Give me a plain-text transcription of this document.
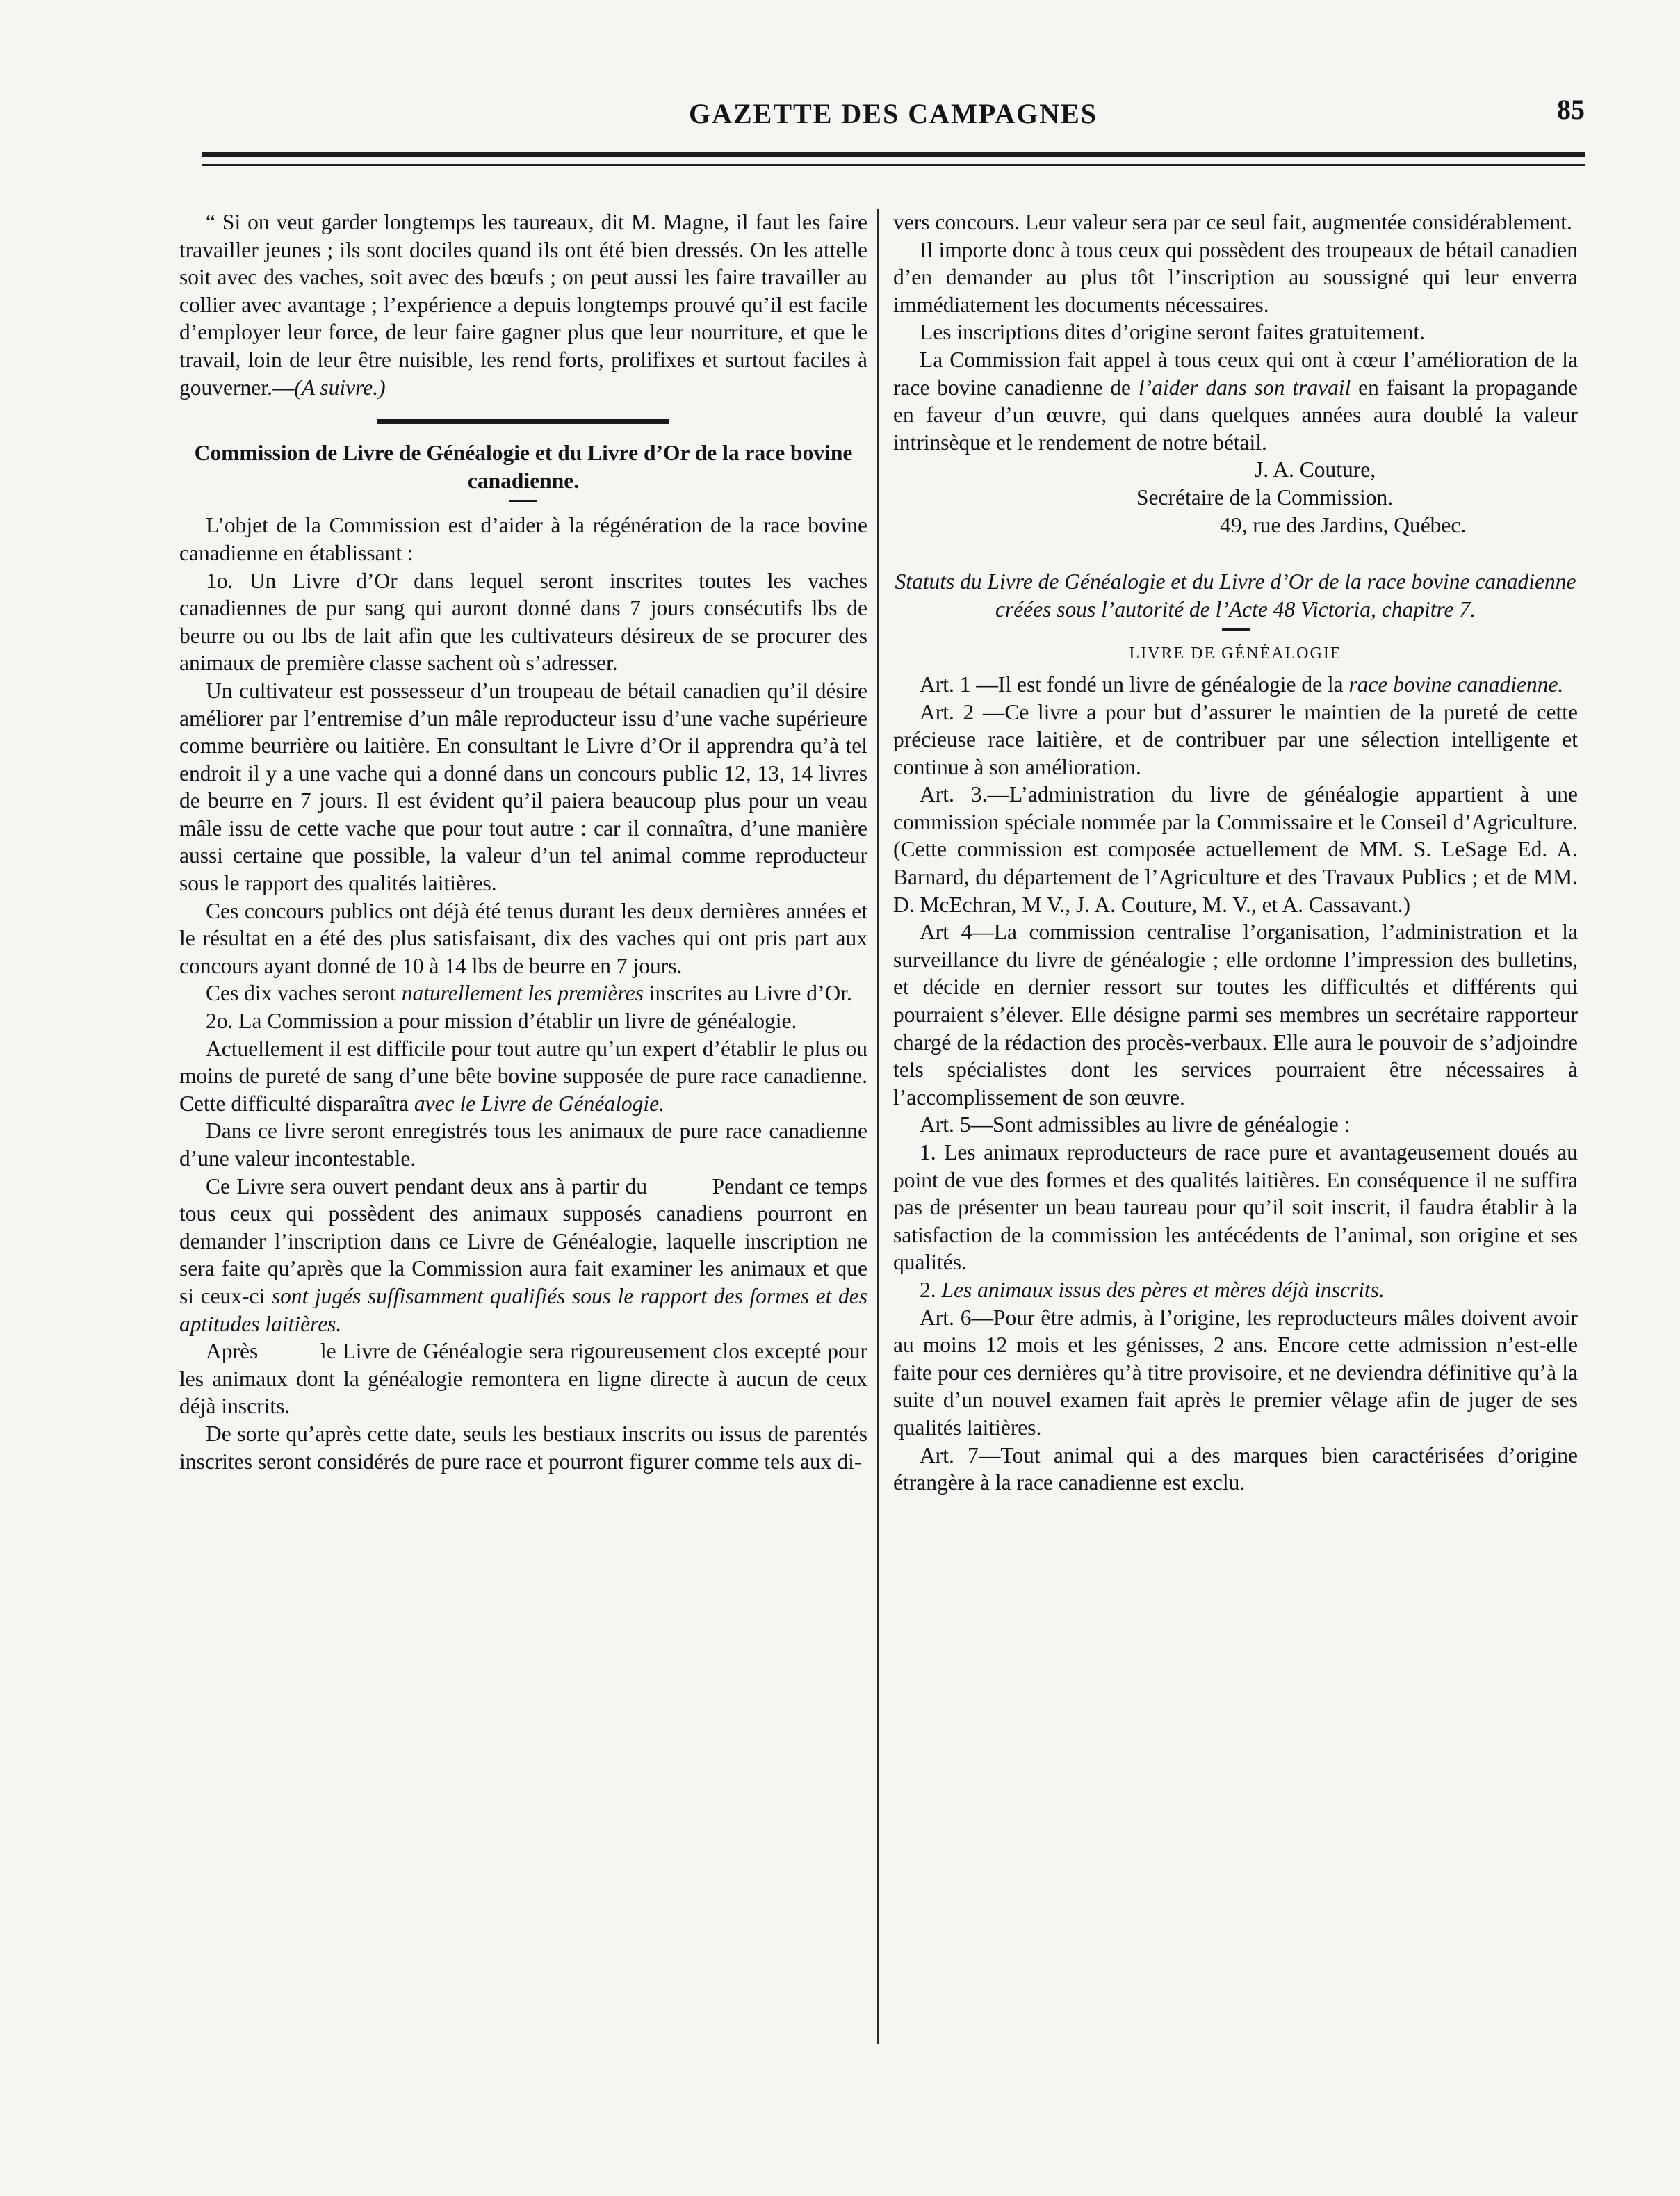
GAZETTE DES CAMPAGNES	85

“ Si on veut garder longtemps les taureaux, dit M. Magne, il faut les faire travailler jeunes ; ils sont dociles quand ils ont été bien dressés. On les attelle soit avec des vaches, soit avec des bœufs ; on peut aussi les faire travailler au collier avec avantage ; l’expérience a depuis longtemps prouvé qu’il est facile d’employer leur force, de leur faire gagner plus que leur nourriture, et que le travail, loin de leur être nuisible, les rend forts, prolifixes et surtout faciles à gouverner.—(A suivre.)

Commission de Livre de Généalogie et du Livre d’Or de la race bovine canadienne.

L’objet de la Commission est d’aider à la régénération de la race bovine canadienne en établissant :

1o. Un Livre d’Or dans lequel seront inscrites toutes les vaches canadiennes de pur sang qui auront donné dans 7 jours consécutifs lbs de beurre ou ou lbs de lait afin que les cultivateurs désireux de se procurer des animaux de première classe sachent où s’adresser.

Un cultivateur est possesseur d’un troupeau de bétail canadien qu’il désire améliorer par l’entremise d’un mâle reproducteur issu d’une vache supérieure comme beurrière ou laitière. En consultant le Livre d’Or il apprendra qu’à tel endroit il y a une vache qui a donné dans un concours public 12, 13, 14 livres de beurre en 7 jours. Il est évident qu’il paiera beaucoup plus pour un veau mâle issu de cette vache que pour tout autre : car il connaîtra, d’une manière aussi certaine que possible, la valeur d’un tel animal comme reproducteur sous le rapport des qualités laitières.

Ces concours publics ont déjà été tenus durant les deux dernières années et le résultat en a été des plus satisfaisant, dix des vaches qui ont pris part aux concours ayant donné de 10 à 14 lbs de beurre en 7 jours.

Ces dix vaches seront naturellement les premières inscrites au Livre d’Or.

2o. La Commission a pour mission d’établir un livre de généalogie.

Actuellement il est difficile pour tout autre qu’un expert d’établir le plus ou moins de pureté de sang d’une bête bovine supposée de pure race canadienne. Cette difficulté disparaîtra avec le Livre de Généalogie.

Dans ce livre seront enregistrés tous les animaux de pure race canadienne d’une valeur incontestable.

Ce Livre sera ouvert pendant deux ans à partir du          Pendant ce temps tous ceux qui possèdent des animaux supposés canadiens pourront en demander l’inscription dans ce Livre de Généalogie, laquelle inscription ne sera faite qu’après que la Commission aura fait examiner les animaux et que si ceux-ci sont jugés suffisamment qualifiés sous le rapport des formes et des aptitudes laitières.

Après          le Livre de Généalogie sera rigoureusement clos excepté pour les animaux dont la généalogie remontera en ligne directe à aucun de ceux déjà inscrits.

De sorte qu’après cette date, seuls les bestiaux inscrits ou issus de parentés inscrites seront considérés de pure race et pourront figurer comme tels aux di-

vers concours. Leur valeur sera par ce seul fait, augmentée considérablement.

Il importe donc à tous ceux qui possèdent des troupeaux de bétail canadien d’en demander au plus tôt l’inscription au soussigné qui leur enverra immédiatement les documents nécessaires.

Les inscriptions dites d’origine seront faites gratuitement.

La Commission fait appel à tous ceux qui ont à cœur l’amélioration de la race bovine canadienne de l’aider dans son travail en faisant la propagande en faveur d’un œuvre, qui dans quelques années aura doublé la valeur intrinsèque et le rendement de notre bétail.

J. A. Couture,

Secrétaire de la Commission.

49, rue des Jardins, Québec.

Statuts du Livre de Généalogie et du Livre d’Or de la race bovine canadienne créées sous l’autorité de l’Acte 48 Victoria, chapitre 7.

LIVRE DE GÉNÉALOGIE

Art. 1 —Il est fondé un livre de généalogie de la race bovine canadienne.

Art. 2 —Ce livre a pour but d’assurer le maintien de la pureté de cette précieuse race laitière, et de contribuer par une sélection intelligente et continue à son amélioration.

Art. 3.—L’administration du livre de généalogie appartient à une commission spéciale nommée par la Commissaire et le Conseil d’Agriculture. (Cette commission est composée actuellement de MM. S. LeSage Ed. A. Barnard, du département de l’Agriculture et des Travaux Publics ; et de MM. D. McEchran, M V., J. A. Couture, M. V., et A. Cassavant.)

Art 4—La commission centralise l’organisation, l’administration et la surveillance du livre de généalogie ; elle ordonne l’impression des bulletins, et décide en dernier ressort sur toutes les difficultés et différents qui pourraient s’élever. Elle désigne parmi ses membres un secrétaire rapporteur chargé de la rédaction des procès-verbaux. Elle aura le pouvoir de s’adjoindre tels spécialistes dont les services pourraient être nécessaires à l’accomplissement de son œuvre.

Art. 5—Sont admissibles au livre de généalogie :

1. Les animaux reproducteurs de race pure et avantageusement doués au point de vue des formes et des qualités laitières. En conséquence il ne suffira pas de présenter un beau taureau pour qu’il soit inscrit, il faudra établir à la satisfaction de la commission les antécédents de l’animal, son origine et ses qualités.

2. Les animaux issus des pères et mères déjà inscrits.

Art. 6—Pour être admis, à l’origine, les reproducteurs mâles doivent avoir au moins 12 mois et les génisses, 2 ans. Encore cette admission n’est-elle faite pour ces dernières qu’à titre provisoire, et ne deviendra définitive qu’à la suite d’un nouvel examen fait après le premier vêlage afin de juger de ses qualités laitières.

Art. 7—Tout animal qui a des marques bien caractérisées d’origine étrangère à la race canadienne est exclu.
